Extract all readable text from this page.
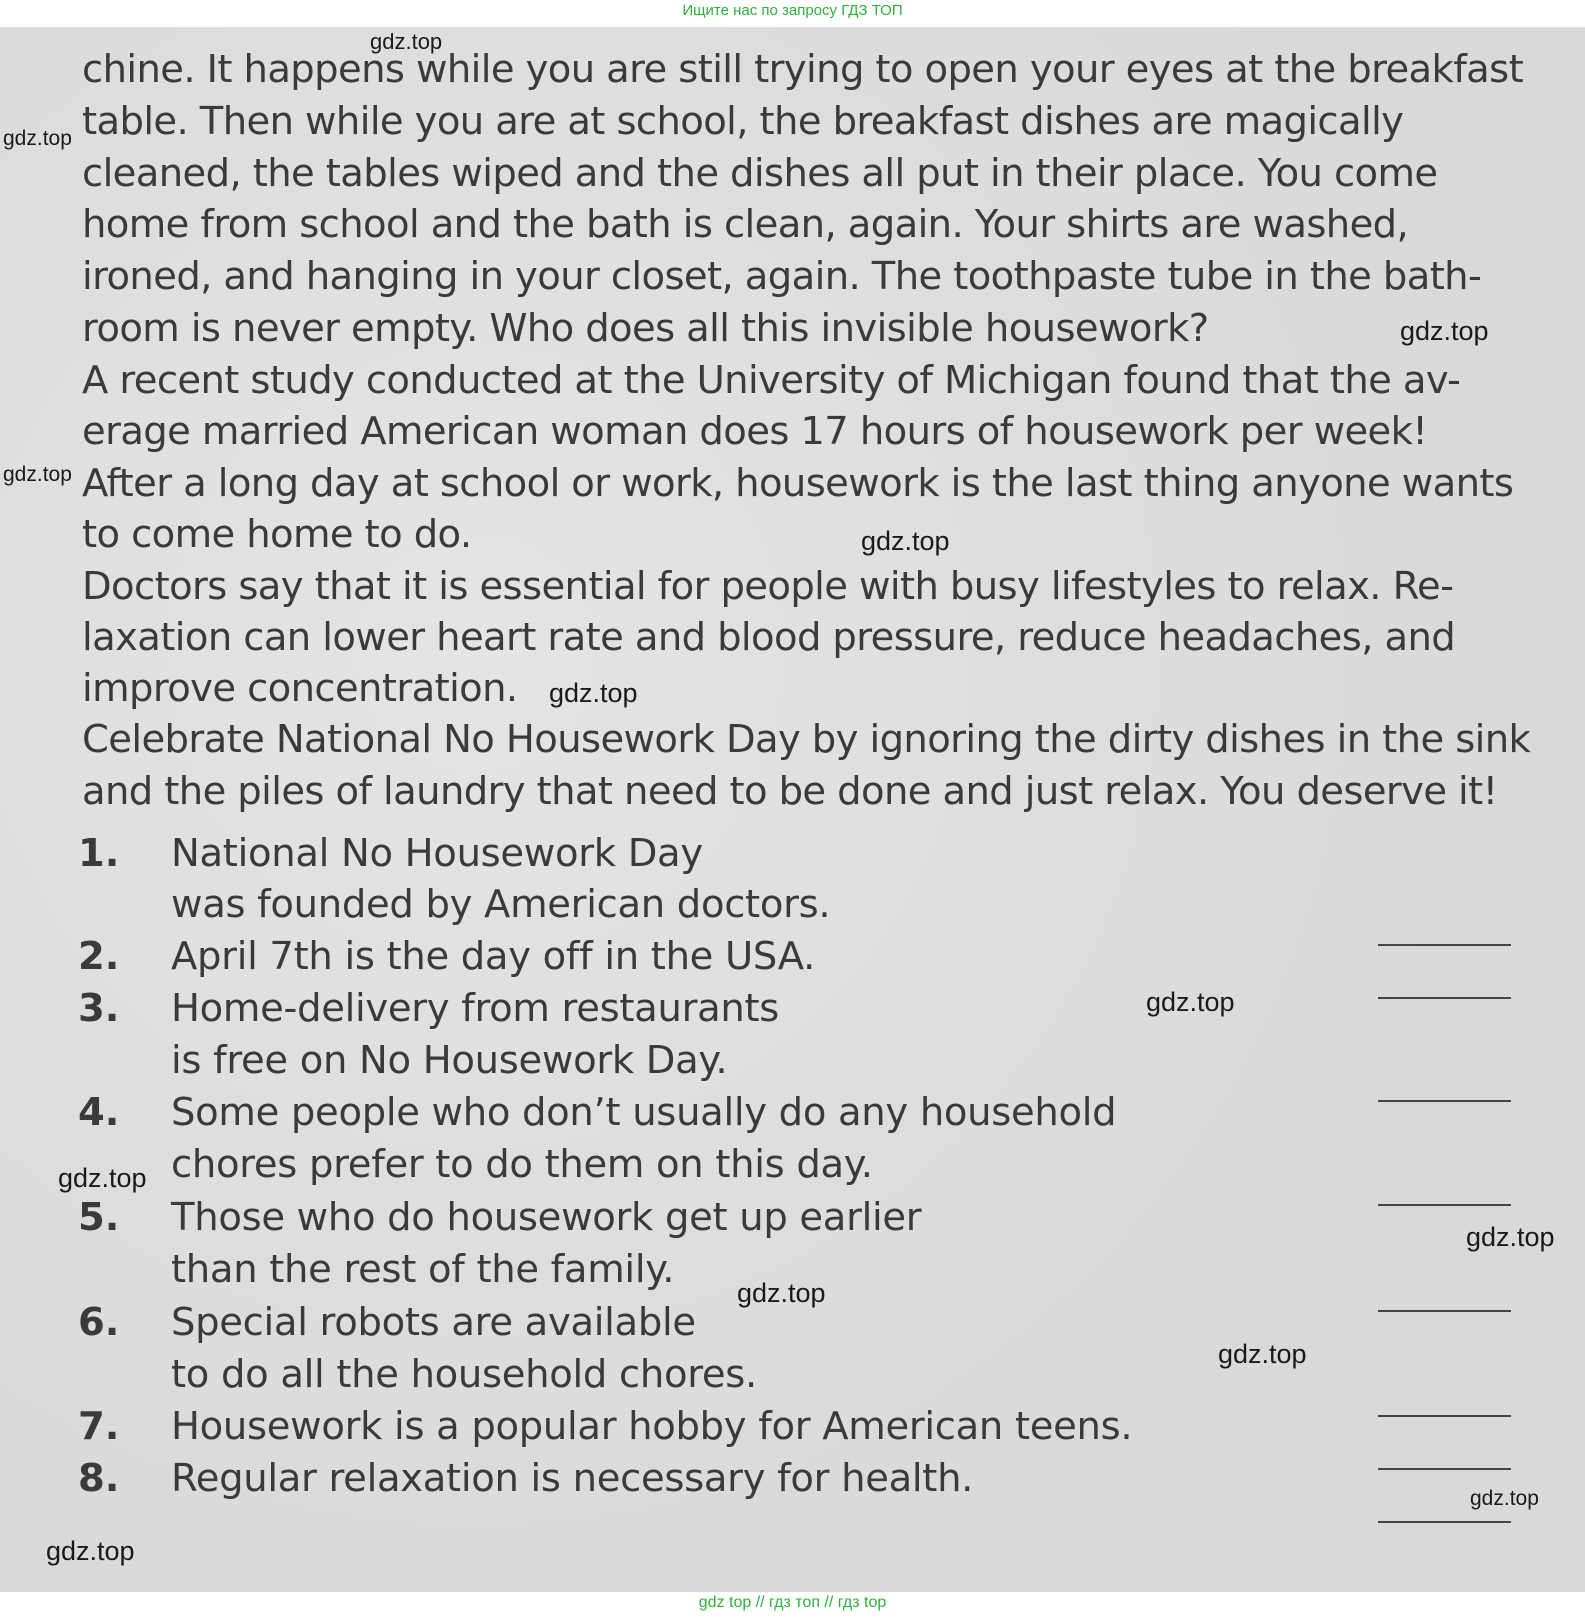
Ищите нас по запросу ГДЗ ТОП
chine. It happens while you are still trying to open your eyes at the breakfast
table. Then while you are at school, the breakfast dishes are magically
cleaned, the tables wiped and the dishes all put in their place. You come
home from school and the bath is clean, again. Your shirts are washed,
ironed, and hanging in your closet, again. The toothpaste tube in the bath-
room is never empty. Who does all this invisible housework?
A recent study conducted at the University of Michigan found that the av-
erage married American woman does 17 hours of housework per week!
After a long day at school or work, housework is the last thing anyone wants
to come home to do.
Doctors say that it is essential for people with busy lifestyles to relax. Re-
laxation can lower heart rate and blood pressure, reduce headaches, and
improve concentration.
Celebrate National No Housework Day by ignoring the dirty dishes in the sink
and the piles of laundry that need to be done and just relax. You deserve it!
1. National No Housework Day
was founded by American doctors.
2. April 7th is the day off in the USA.
3. Home-delivery from restaurants
is free on No Housework Day.
4. Some people who don’t usually do any household
chores prefer to do them on this day.
5. Those who do housework get up earlier
than the rest of the family.
6. Special robots are available
to do all the household chores.
7. Housework is a popular hobby for American teens.
8. Regular relaxation is necessary for health.
gdz.top
gdz.top
gdz.top
gdz.top
gdz.top
gdz.top
gdz.top
gdz.top
gdz.top
gdz.top
gdz.top
gdz.top
gdz.top
gdz top // гдз топ // гдз top
